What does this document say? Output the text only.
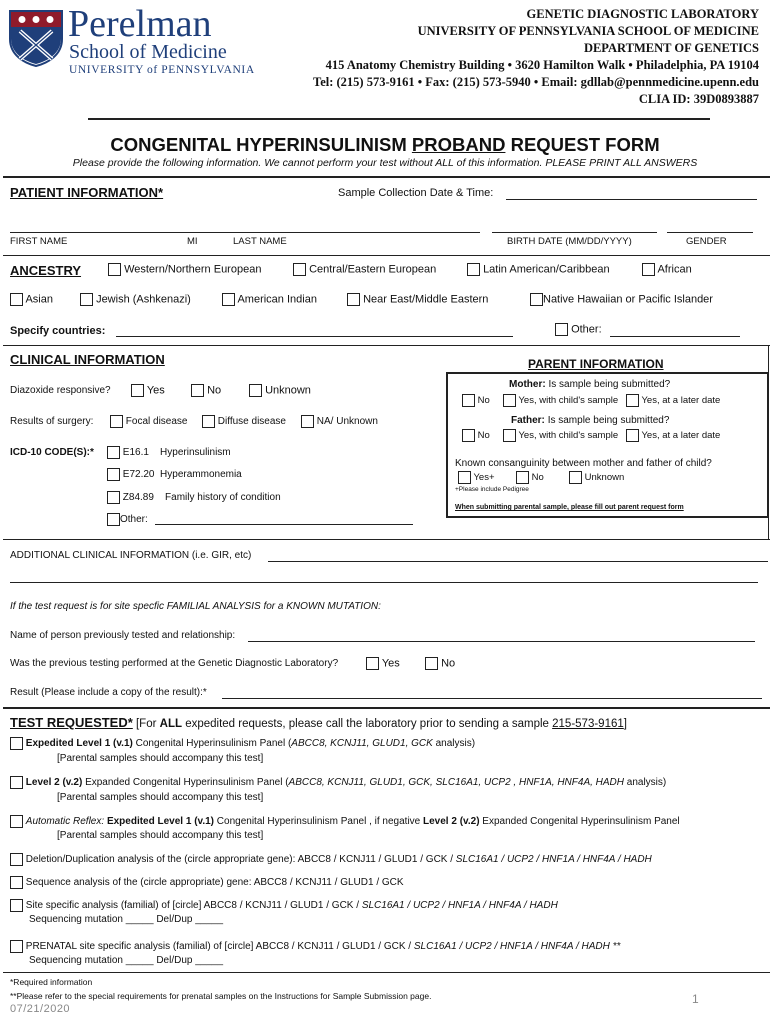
Perelman
School of Medicine
UNIVERSITY of PENNSYLVANIA
GENETIC DIAGNOSTIC LABORATORY
UNIVERSITY OF PENNSYLVANIA SCHOOL OF MEDICINE
DEPARTMENT OF GENETICS
415 Anatomy Chemistry Building • 3620 Hamilton Walk • Philadelphia, PA 19104
Tel: (215) 573-9161 • Fax: (215) 573-5940 • Email: gdllab@pennmedicine.upenn.edu
CLIA ID: 39D0893887
CONGENITAL HYPERINSULINISM PROBAND REQUEST FORM
Please provide the following information. We cannot perform your test without ALL of this information. PLEASE PRINT ALL ANSWERS
PATIENT INFORMATION*	Sample Collection Date & Time:
FIRST NAME	MI	LAST NAME	BIRTH DATE (MM/DD/YYYY)	GENDER
ANCESTRY	Western/Northern European	Central/Eastern European	Latin American/Caribbean	African
Asian	Jewish (Ashkenazi)	American Indian	Near East/Middle Eastern	Native Hawaiian or Pacific Islander
Specify countries:	Other:
CLINICAL INFORMATION
Diazoxide responsive?	Yes	No	Unknown
Results of surgery:	Focal disease	Diffuse disease	NA/ Unknown
ICD-10 CODE(S):*	E16.1 Hyperinsulinism
E72.20 Hyperammonemia
Z84.89 Family history of condition
Other:
PARENT INFORMATION
Mother: Is sample being submitted?
No	Yes, with child's sample	Yes, at a later date
Father: Is sample being submitted?
No	Yes, with child's sample	Yes, at a later date
Known consanguinity between mother and father of child?
Yes+	No	Unknown
+Please include Pedigree
When submitting parental sample, please fill out parent request form
ADDITIONAL CLINICAL INFORMATION (i.e. GIR, etc)
If the test request is for site specfic FAMILIAL ANALYSIS for a KNOWN MUTATION:
Name of person previously tested and relationship:
Was the previous testing performed at the Genetic Diagnostic Laboratory?	Yes	No
Result (Please include a copy of the result):*
TEST REQUESTED* [For ALL expedited requests, please call the laboratory prior to sending a sample 215-573-9161]
Expedited Level 1 (v.1) Congenital Hyperinsulinism Panel (ABCC8, KCNJ11, GLUD1, GCK analysis)
[Parental samples should accompany this test]
Level 2 (v.2) Expanded Congenital Hyperinsulinism Panel (ABCC8, KCNJ11, GLUD1, GCK, SLC16A1, UCP2 , HNF1A, HNF4A, HADH analysis)
[Parental samples should accompany this test]
Automatic Reflex: Expedited Level 1 (v.1) Congenital Hyperinsulinism Panel , if negative Level 2 (v.2) Expanded Congenital Hyperinsulinism Panel
[Parental samples should accompany this test]
Deletion/Duplication analysis of the (circle appropriate gene): ABCC8 / KCNJ11 / GLUD1 / GCK / SLC16A1 / UCP2 / HNF1A / HNF4A / HADH
Sequence analysis of the (circle appropriate) gene: ABCC8 / KCNJ11 / GLUD1 / GCK
Site specific analysis (familial) of [circle] ABCC8 / KCNJ11 / GLUD1 / GCK / SLC16A1 / UCP2 / HNF1A / HNF4A / HADH
Sequencing mutation _____ Del/Dup _____
PRENATAL site specific analysis (familial) of [circle] ABCC8 / KCNJ11 / GLUD1 / GCK / SLC16A1 / UCP2 / HNF1A / HNF4A / HADH **
Sequencing mutation _____ Del/Dup _____
*Required information
**Please refer to the special requirements for prenatal samples on the Instructions for Sample Submission page.
07/21/2020
1
